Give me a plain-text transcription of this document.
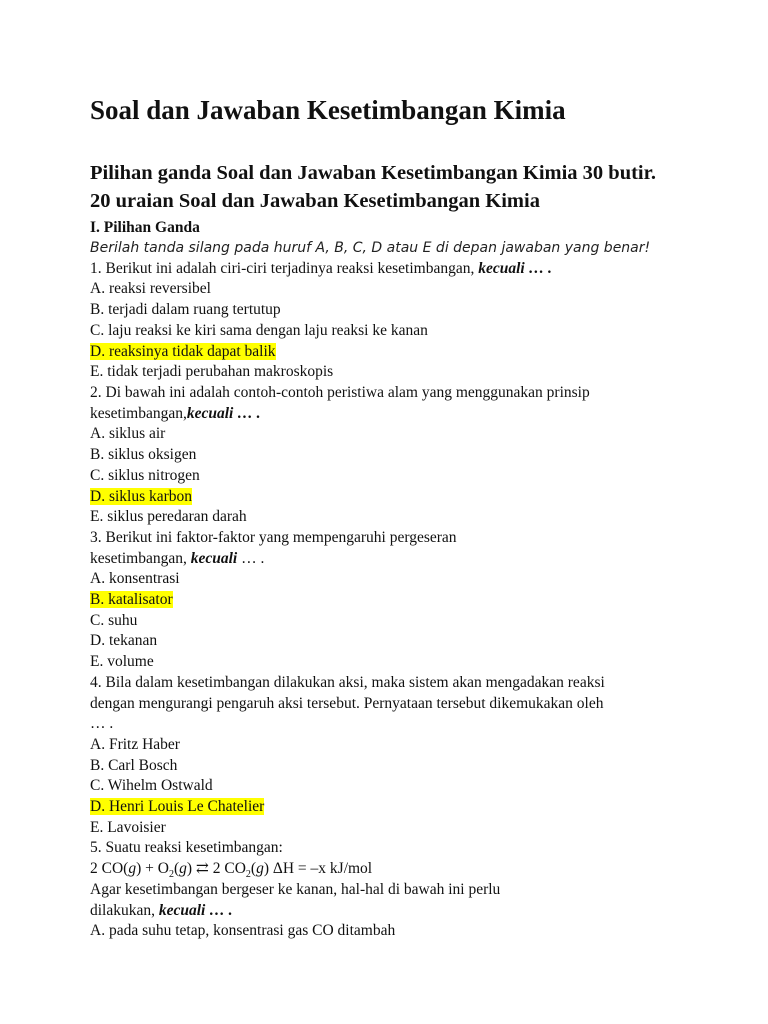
Soal dan Jawaban Kesetimbangan Kimia
Pilihan ganda Soal dan Jawaban Kesetimbangan Kimia 30 butir. 20 uraian Soal dan Jawaban Kesetimbangan Kimia
I. Pilihan Ganda
Berilah tanda silang pada huruf A, B, C, D atau E di depan jawaban yang benar!
1. Berikut ini adalah ciri-ciri terjadinya reaksi kesetimbangan, kecuali … .
A. reaksi reversibel
B. terjadi dalam ruang tertutup
C. laju reaksi ke kiri sama dengan laju reaksi ke kanan
D. reaksinya tidak dapat balik
E. tidak terjadi perubahan makroskopis
2. Di bawah ini adalah contoh-contoh peristiwa alam yang menggunakan prinsip
kesetimbangan,kecuali … .
A. siklus air
B. siklus oksigen
C. siklus nitrogen
D. siklus karbon
E. siklus peredaran darah
3. Berikut ini faktor-faktor yang mempengaruhi pergeseran
kesetimbangan, kecuali … .
A. konsentrasi
B. katalisator
C. suhu
D. tekanan
E. volume
4. Bila dalam kesetimbangan dilakukan aksi, maka sistem akan mengadakan reaksi
dengan mengurangi pengaruh aksi tersebut. Pernyataan tersebut dikemukakan oleh
… .
A. Fritz Haber
B. Carl Bosch
C. Wihelm Ostwald
D. Henri Louis Le Chatelier
E. Lavoisier
5. Suatu reaksi kesetimbangan:
2 $CO(g) + O_2(g)$ ⇄ 2 $CO_2(g) \Delta H = -x$ kJ/mol
Agar kesetimbangan bergeser ke kanan, hal-hal di bawah ini perlu
dilakukan, kecuali … .
A. pada suhu tetap, konsentrasi gas CO ditambah
